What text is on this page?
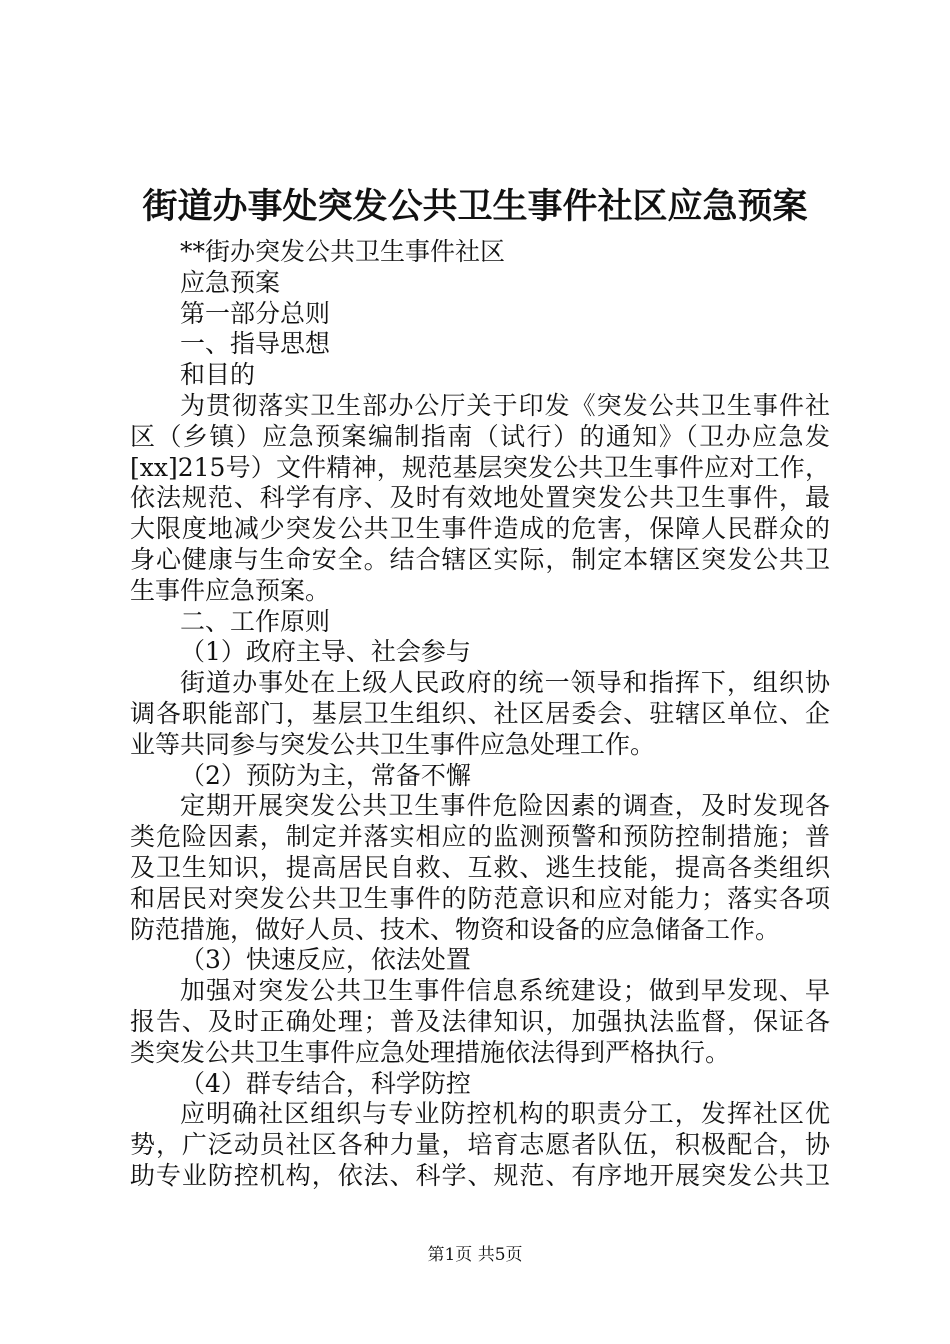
街道办事处突发公共卫生事件社区应急预案
**街办突发公共卫生事件社区
应急预案
第一部分总则
一、指导思想
和目的
为贯彻落实卫生部办公厅关于印发《突发公共卫生事件社
区（乡镇）应急预案编制指南（试行）的通知》（卫办应急发
[xx]215号）文件精神，规范基层突发公共卫生事件应对工作，
依法规范、科学有序、及时有效地处置突发公共卫生事件，最
大限度地减少突发公共卫生事件造成的危害，保障人民群众的
身心健康与生命安全。结合辖区实际，制定本辖区突发公共卫
生事件应急预案。
二、工作原则
（1）政府主导、社会参与
街道办事处在上级人民政府的统一领导和指挥下，组织协
调各职能部门，基层卫生组织、社区居委会、驻辖区单位、企
业等共同参与突发公共卫生事件应急处理工作。
（2）预防为主，常备不懈
定期开展突发公共卫生事件危险因素的调查，及时发现各
类危险因素，制定并落实相应的监测预警和预防控制措施；普
及卫生知识，提高居民自救、互救、逃生技能，提高各类组织
和居民对突发公共卫生事件的防范意识和应对能力；落实各项
防范措施，做好人员、技术、物资和设备的应急储备工作。
（3）快速反应，依法处置
加强对突发公共卫生事件信息系统建设；做到早发现、早
报告、及时正确处理；普及法律知识，加强执法监督，保证各
类突发公共卫生事件应急处理措施依法得到严格执行。
（4）群专结合，科学防控
应明确社区组织与专业防控机构的职责分工，发挥社区优
势，广泛动员社区各种力量，培育志愿者队伍，积极配合，协
助专业防控机构，依法、科学、规范、有序地开展突发公共卫
第1页 共5页
